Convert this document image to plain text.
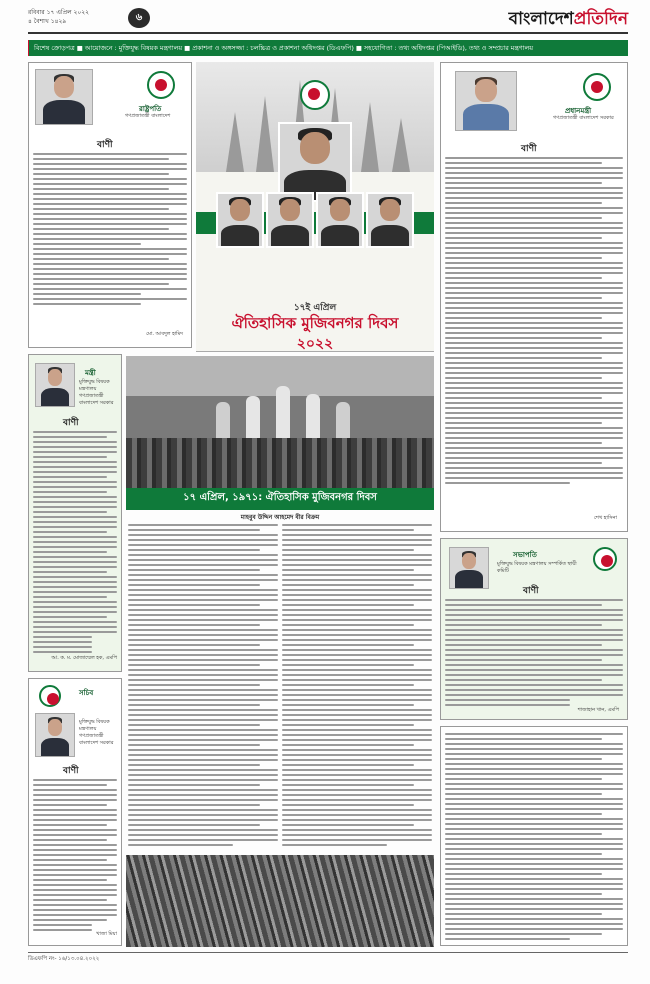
রবিবার ১৭ এপ্রিল ২০২২
৪ বৈশাখ ১৪২৯	৬	বাংলাদেশপ্রতিদিন
বিশেষ ক্রোড়পত্র ■ আয়োজনে : মুক্তিযুদ্ধ বিষয়ক মন্ত্রণালয় ■ প্রকাশনা ও অঙ্গসজ্জা : চলচ্চিত্র ও প্রকাশনা অধিদপ্তর (ডিএফপি) ■ সহযোগিতা : তথ্য অধিদপ্তর (পিআইডি), তথ্য ও সম্প্রচার মন্ত্রণালয়
রাষ্ট্রপতি
গণপ্রজাতন্ত্রী বাংলাদেশ
বাণী
মো. আবদুল হামিদ
প্রধানমন্ত্রী
গণপ্রজাতন্ত্রী বাংলাদেশ সরকার
বাণী
শেখ হাসিনা
১৭ই এপ্রিল
ঐতিহাসিক মুজিবনগর দিবস
২০২২
মন্ত্রী
মুক্তিযুদ্ধ বিষয়ক মন্ত্রণালয়
গণপ্রজাতন্ত্রী বাংলাদেশ সরকার
বাণী
আ. ক. ম. মোজাম্মেল হক, এমপি
সচিব
মুক্তিযুদ্ধ বিষয়ক মন্ত্রণালয়
গণপ্রজাতন্ত্রী বাংলাদেশ সরকার
বাণী
খাজা মিয়া
১৭ এপ্রিল, ১৯৭১: ঐতিহাসিক মুজিবনগর দিবস
মাহবুব উদ্দিন আহমেদ বীর বিক্রম
সভাপতি
মুক্তিযুদ্ধ বিষয়ক মন্ত্রণালয় সম্পর্কিত স্থায়ী কমিটি
বাণী
শাজাহান খান, এমপি
ডিএফপি নং- ১৬/১৩.০৪.২০২২
